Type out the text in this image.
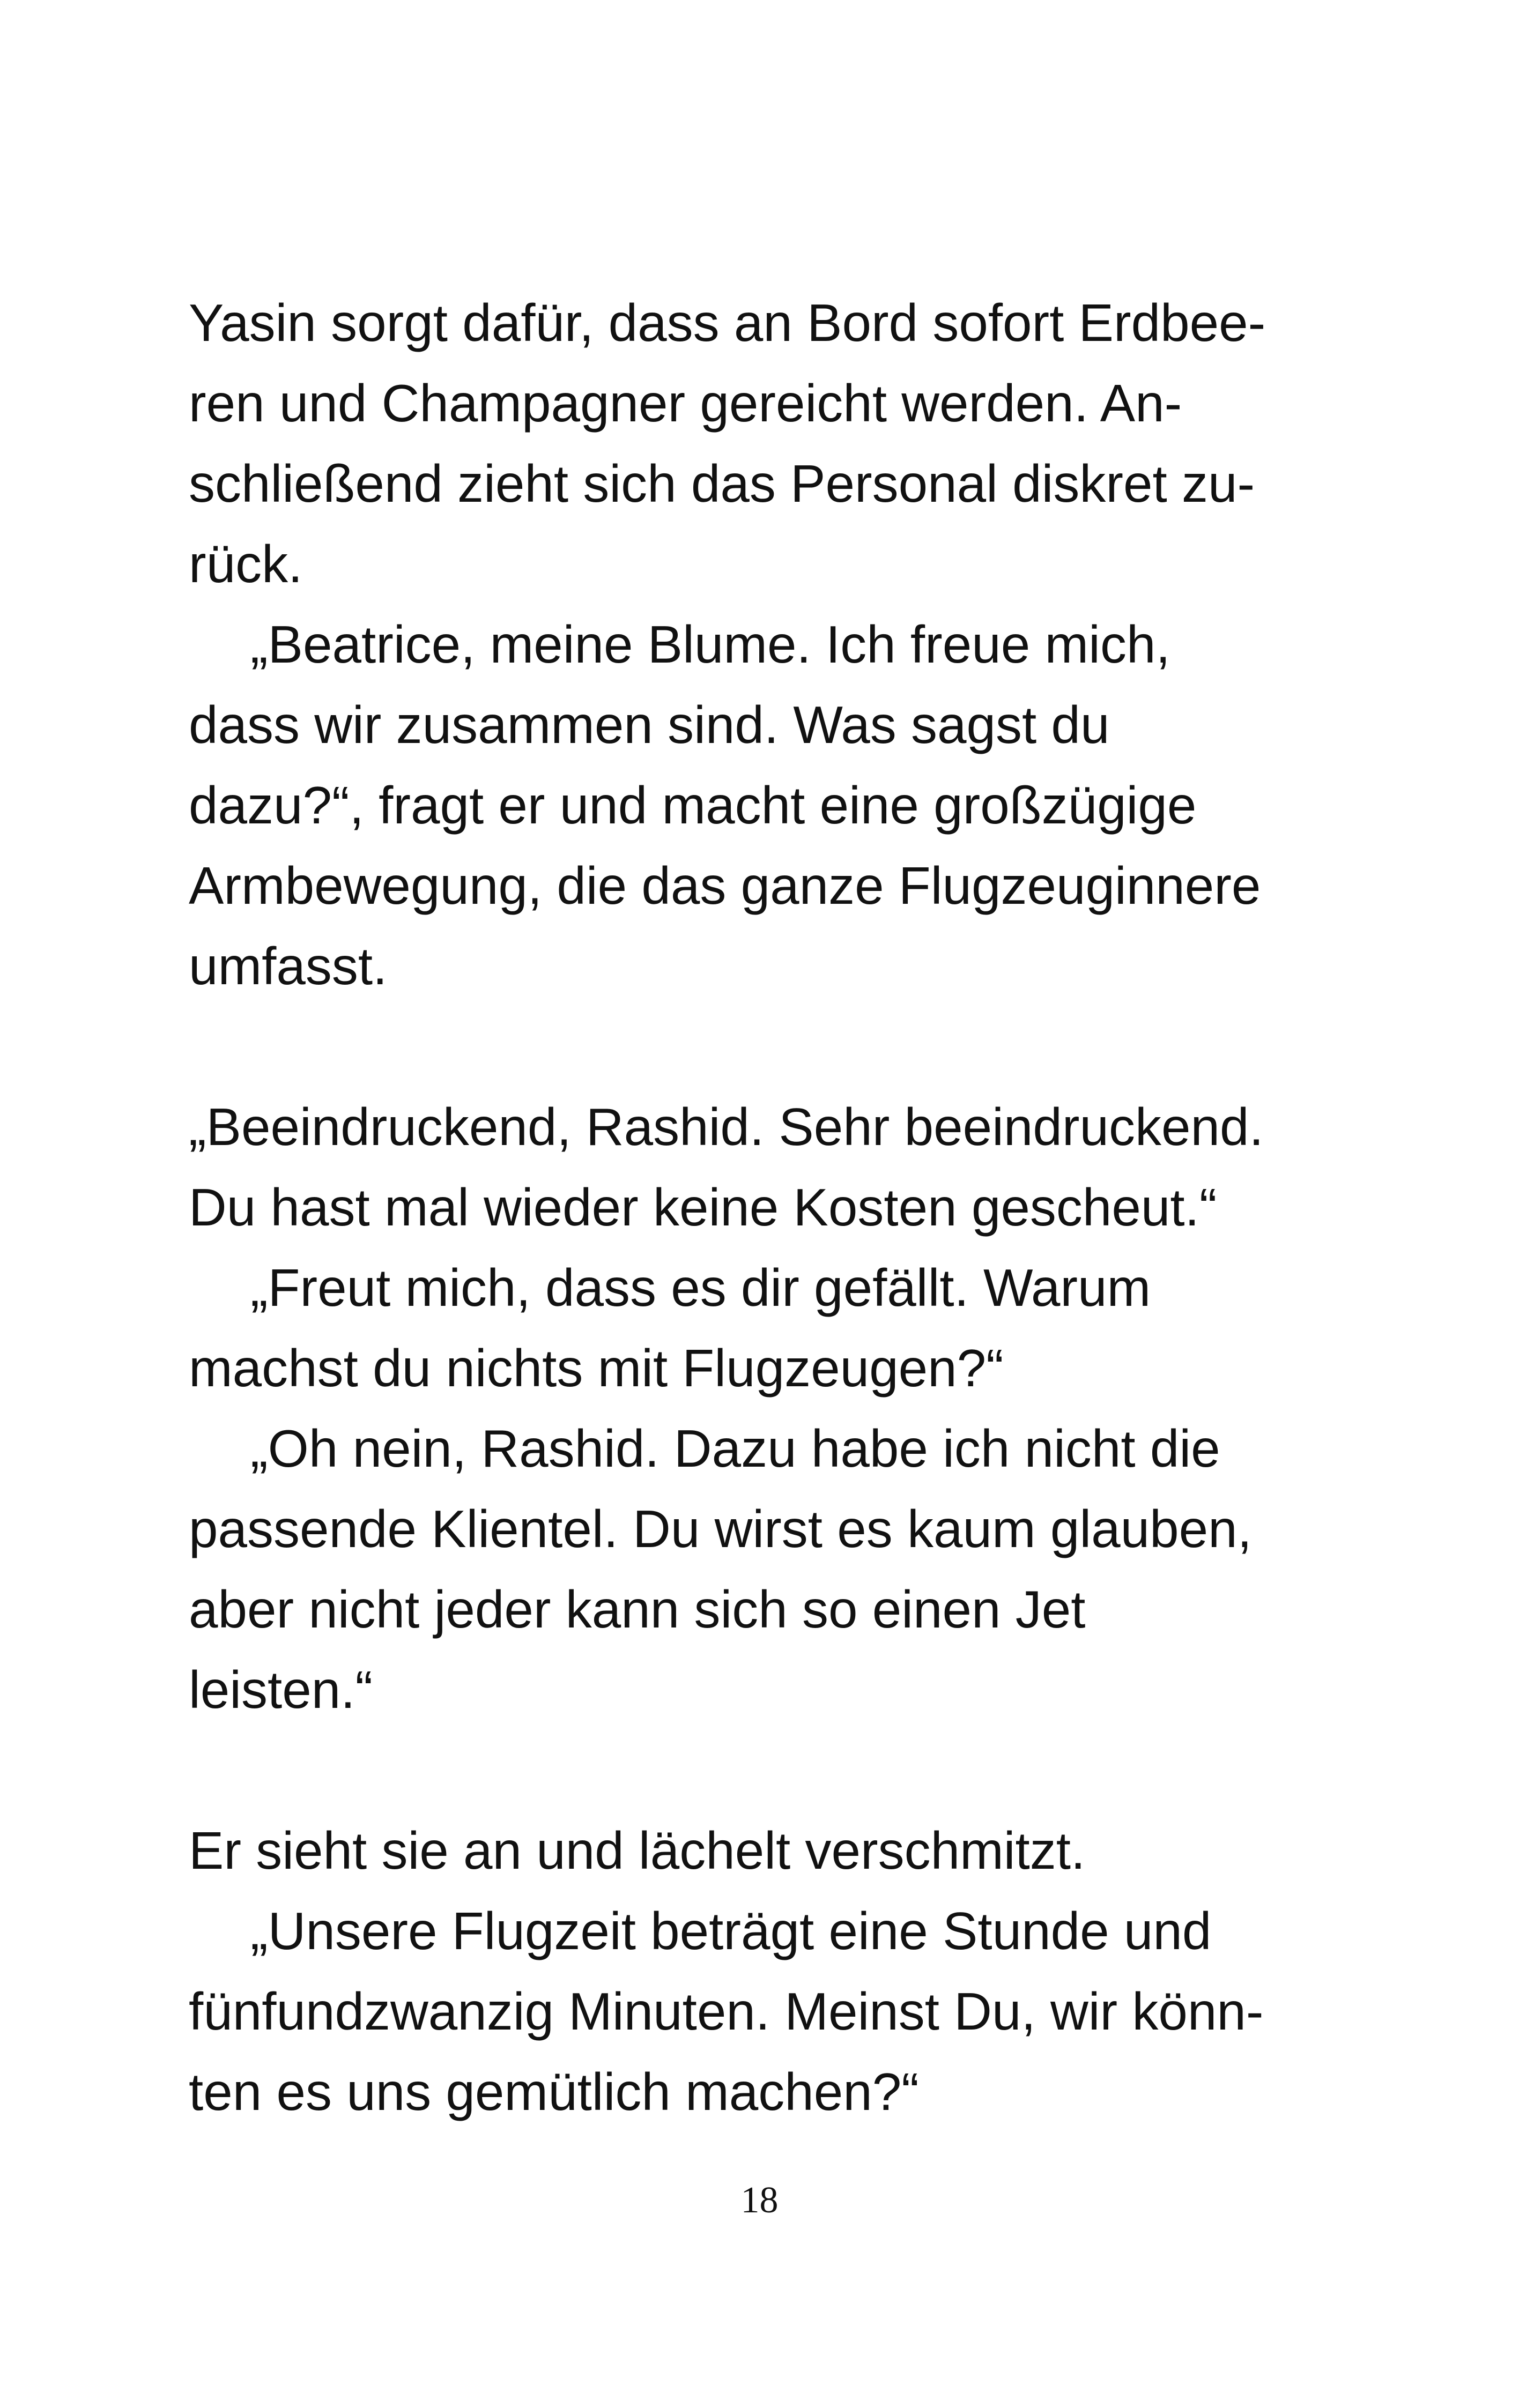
Yasin sorgt dafür, dass an Bord sofort Erdbee-
ren und Champagner gereicht werden. An-
schließend zieht sich das Personal diskret zu-
rück.
„Beatrice, meine Blume. Ich freue mich,
dass wir zusammen sind. Was sagst du
dazu?“, fragt er und macht eine großzügige
Armbewegung, die das ganze Flugzeuginnere
umfasst.
„Beeindruckend, Rashid. Sehr beeindruckend.
Du hast mal wieder keine Kosten gescheut.“
„Freut mich, dass es dir gefällt. Warum
machst du nichts mit Flugzeugen?“
„Oh nein, Rashid. Dazu habe ich nicht die
passende Klientel. Du wirst es kaum glauben,
aber nicht jeder kann sich so einen Jet
leisten.“
Er sieht sie an und lächelt verschmitzt.
„Unsere Flugzeit beträgt eine Stunde und
fünfundzwanzig Minuten. Meinst Du, wir könn-
ten es uns gemütlich machen?“
18
